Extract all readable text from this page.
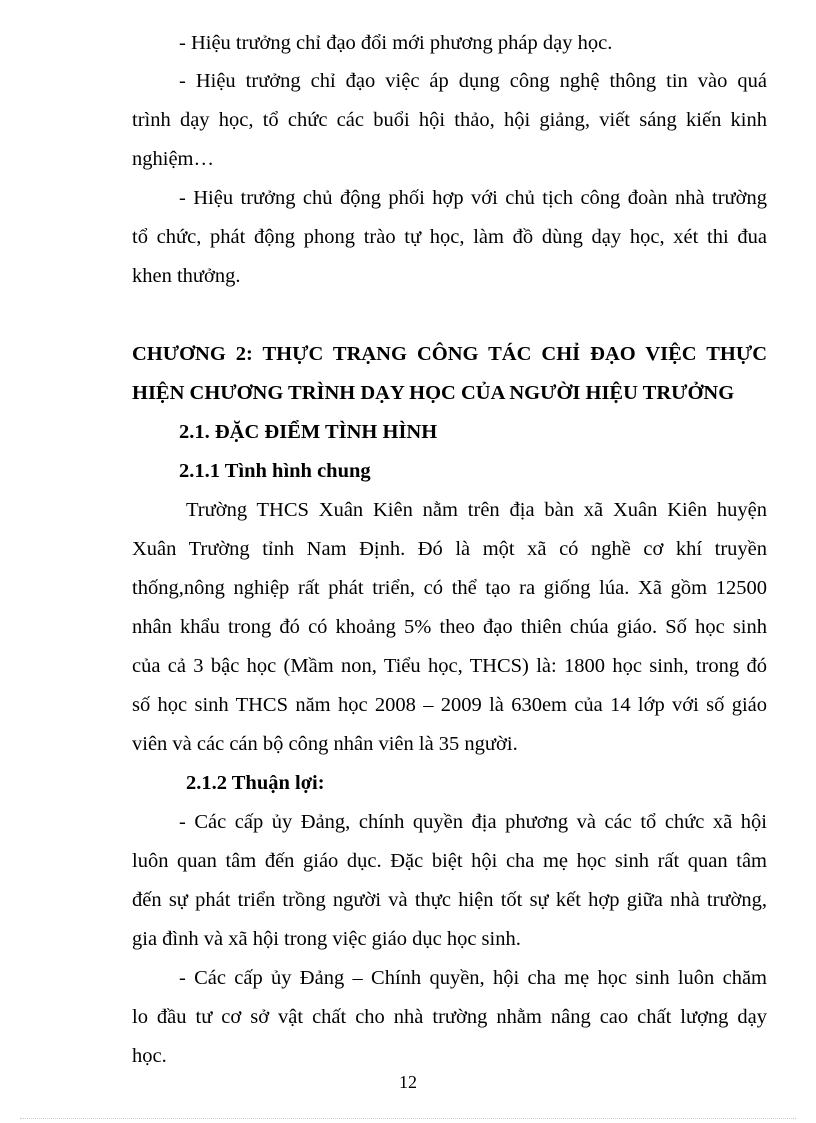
- Hiệu trưởng chỉ đạo đổi mới phương pháp dạy học.
- Hiệu trưởng chỉ đạo việc áp dụng công nghệ thông tin vào quá
trình dạy học, tổ chức các buổi hội thảo, hội giảng, viết sáng kiến kinh
nghiệm…
- Hiệu trưởng chủ động phối hợp với chủ tịch công đoàn nhà trường
tổ chức, phát động phong trào tự học, làm đồ dùng dạy học, xét thi đua
khen thưởng.
CHƯƠNG 2: THỰC TRẠNG CÔNG TÁC CHỈ ĐẠO VIỆC THỰC
HIỆN CHƯƠNG TRÌNH DẠY HỌC CỦA NGƯỜI HIỆU TRƯỞNG
2.1. ĐẶC ĐIỂM TÌNH HÌNH
2.1.1 Tình hình chung
Trường THCS Xuân Kiên nằm trên địa bàn xã Xuân Kiên huyện
Xuân Trường tỉnh Nam Định. Đó là một xã có nghề cơ khí truyền
thống,nông nghiệp rất phát triển, có thể tạo ra giống lúa. Xã gồm 12500
nhân khẩu trong đó có khoảng 5% theo đạo thiên chúa giáo. Số học sinh
của cả 3 bậc học (Mầm non, Tiểu học, THCS) là: 1800 học sinh, trong đó
số học sinh THCS năm học 2008 – 2009 là 630em của 14 lớp với số giáo
viên và các cán bộ công nhân viên là 35 người.
2.1.2 Thuận lợi:
- Các cấp ủy Đảng, chính quyền địa phương và các tổ chức xã hội
luôn quan tâm đến giáo dục. Đặc biệt hội cha mẹ học sinh rất quan tâm
đến sự phát triển trồng người và thực hiện tốt sự kết hợp giữa nhà trường,
gia đình và xã hội trong việc giáo dục học sinh.
- Các cấp ủy Đảng – Chính quyền, hội cha mẹ học sinh luôn chăm
lo đầu tư cơ sở vật chất cho nhà trường nhằm nâng cao chất lượng dạy
học.
12
